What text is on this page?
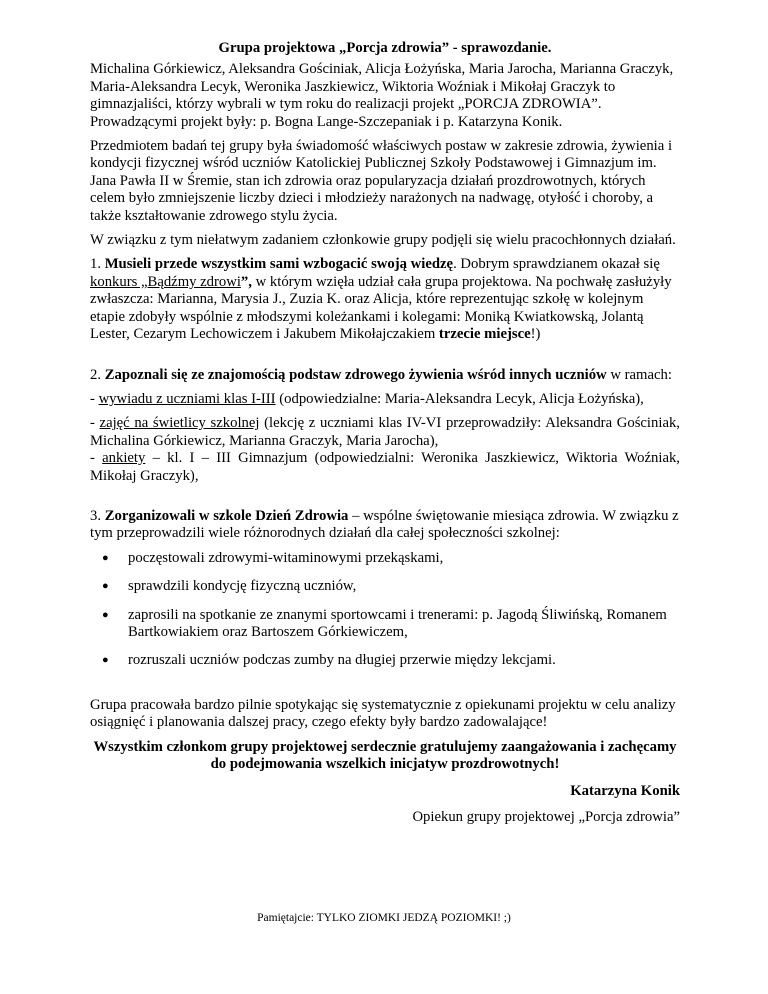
Grupa projektowa „Porcja zdrowia” - sprawozdanie.

Michalina Górkiewicz, Aleksandra Gościniak, Alicja Łożyńska, Maria Jarocha, Marianna Graczyk, Maria-Aleksandra Lecyk, Weronika Jaszkiewicz, Wiktoria Woźniak i Mikołaj Graczyk to gimnazjaliści, którzy wybrali w tym roku do realizacji projekt „PORCJA ZDROWIA”. Prowadzącymi projekt były: p. Bogna Lange-Szczepaniak i p. Katarzyna Konik.

Przedmiotem badań tej grupy była świadomość właściwych postaw w zakresie zdrowia, żywienia i kondycji fizycznej wśród uczniów Katolickiej Publicznej Szkoły Podstawowej i Gimnazjum im. Jana Pawła II w Śremie, stan ich zdrowia oraz popularyzacja działań prozdrowotnych, których celem było zmniejszenie liczby dzieci i młodzieży narażonych na nadwagę, otyłość i choroby, a także kształtowanie zdrowego stylu życia.

W związku z tym niełatwym zadaniem członkowie grupy podjęli się wielu pracochłonnych działań.

1. Musieli przede wszystkim sami wzbogacić swoją wiedzę. Dobrym sprawdzianem okazał się konkurs „Bądźmy zdrowi”, w którym wzięła udział cała grupa projektowa. Na pochwałę zasłużyły zwłaszcza: Marianna, Marysia J., Zuzia K. oraz Alicja, które reprezentując szkołę w kolejnym etapie zdobyły wspólnie z młodszymi koleżankami i kolegami: Moniką Kwiatkowską, Jolantą Lester, Cezarym Lechowiczem i Jakubem Mikołajczakiem trzecie miejsce!)

2. Zapoznali się ze znajomością podstaw zdrowego żywienia wśród innych uczniów w ramach:

- wywiadu z uczniami klas I-III (odpowiedzialne: Maria-Aleksandra Lecyk, Alicja Łożyńska),

- zajęć na świetlicy szkolnej (lekcję z uczniami klas IV-VI przeprowadziły: Aleksandra Gościniak, Michalina Górkiewicz, Marianna Graczyk, Maria Jarocha),

- ankiety – kl. I – III Gimnazjum (odpowiedzialni: Weronika Jaszkiewicz, Wiktoria Woźniak, Mikołaj Graczyk),

3. Zorganizowali w szkole Dzień Zdrowia – wspólne świętowanie miesiąca zdrowia. W związku z tym przeprowadzili wiele różnorodnych działań dla całej społeczności szkolnej:

● poczęstowali zdrowymi-witaminowymi przekąskami,
● sprawdzili kondycję fizyczną uczniów,
● zaprosili na spotkanie ze znanymi sportowcami i trenerami: p. Jagodą Śliwińską, Romanem Bartkowiakiem oraz Bartoszem Górkiewiczem,
● rozruszali uczniów podczas zumby na długiej przerwie między lekcjami.

Grupa pracowała bardzo pilnie spotykając się systematycznie z opiekunami projektu w celu analizy osiągnięć i planowania dalszej pracy, czego efekty były bardzo zadowalające!

Wszystkim członkom grupy projektowej serdecznie gratulujemy zaangażowania i zachęcamy do podejmowania wszelkich inicjatyw prozdrowotnych!

Katarzyna Konik

Opiekun grupy projektowej „Porcja zdrowia”

Pamiętajcie: TYLKO ZIOMKI JEDZĄ POZIOMKI! ;)
